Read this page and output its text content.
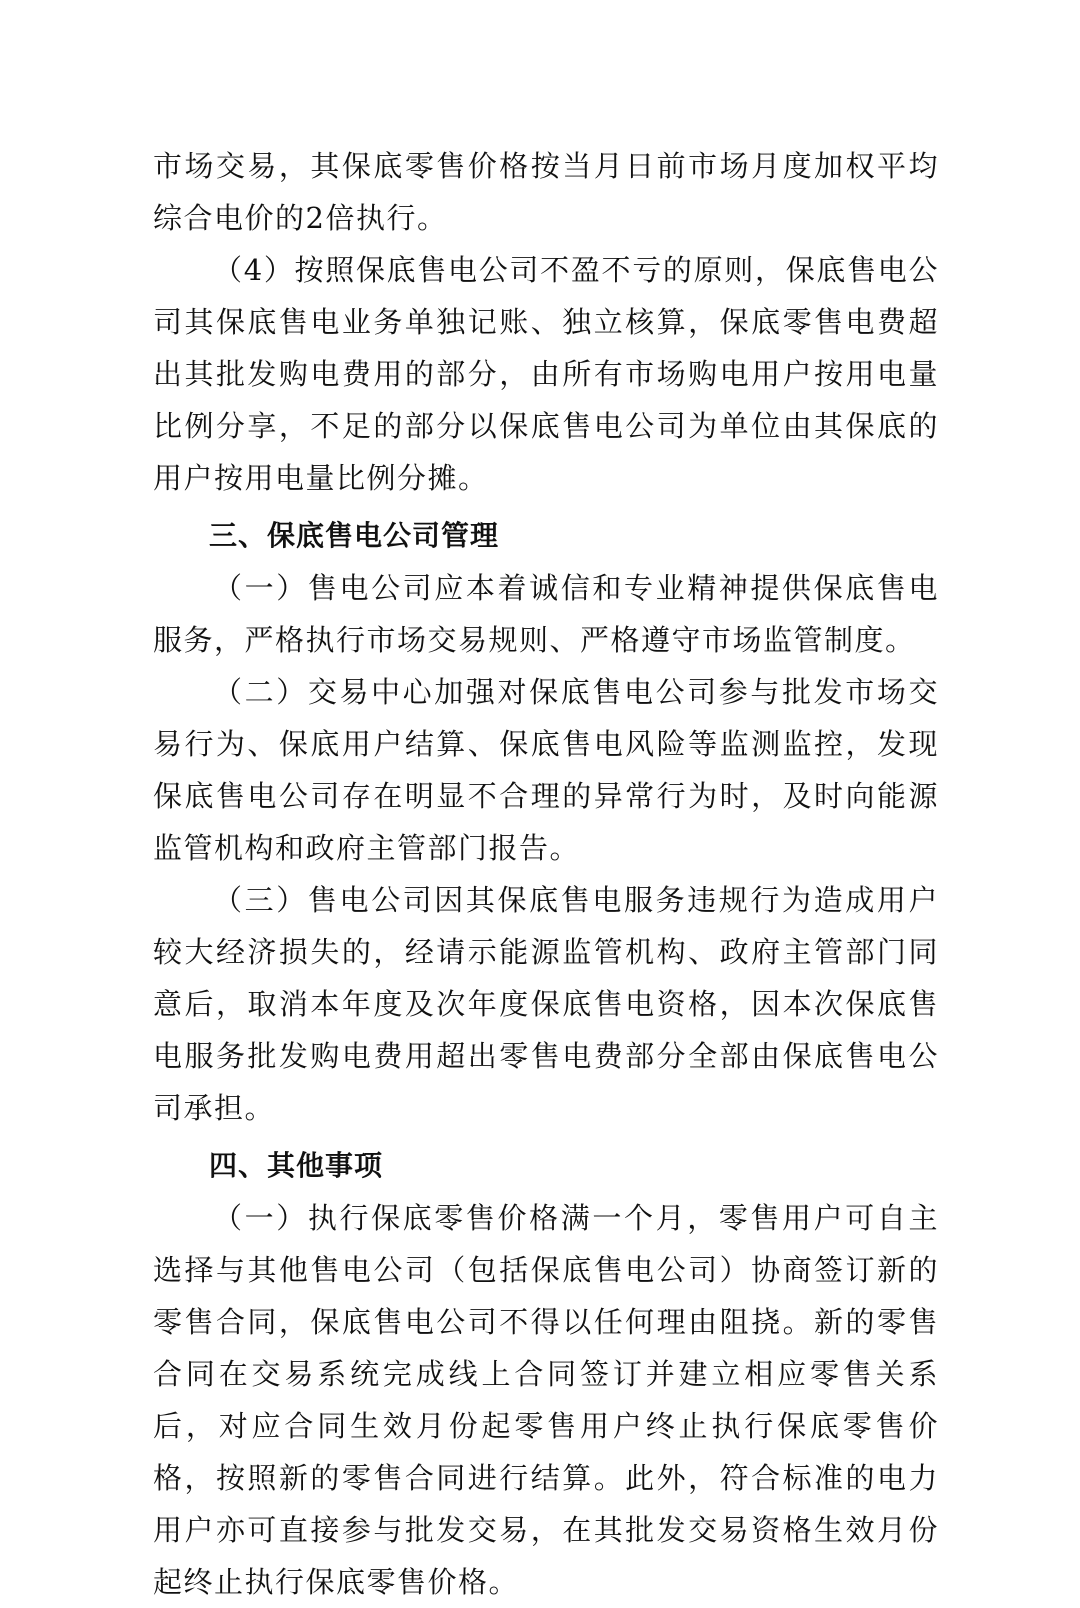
市场交易，其保底零售价格按当月日前市场月度加权平均综合电价的2倍执行。

（4）按照保底售电公司不盈不亏的原则，保底售电公司其保底售电业务单独记账、独立核算，保底零售电费超出其批发购电费用的部分，由所有市场购电用户按用电量比例分享，不足的部分以保底售电公司为单位由其保底的用户按用电量比例分摊。

三、保底售电公司管理

（一）售电公司应本着诚信和专业精神提供保底售电服务，严格执行市场交易规则、严格遵守市场监管制度。

（二）交易中心加强对保底售电公司参与批发市场交易行为、保底用户结算、保底售电风险等监测监控，发现保底售电公司存在明显不合理的异常行为时，及时向能源监管机构和政府主管部门报告。

（三）售电公司因其保底售电服务违规行为造成用户较大经济损失的，经请示能源监管机构、政府主管部门同意后，取消本年度及次年度保底售电资格，因本次保底售电服务批发购电费用超出零售电费部分全部由保底售电公司承担。

四、其他事项

（一）执行保底零售价格满一个月，零售用户可自主选择与其他售电公司（包括保底售电公司）协商签订新的零售合同，保底售电公司不得以任何理由阻挠。新的零售合同在交易系统完成线上合同签订并建立相应零售关系后，对应合同生效月份起零售用户终止执行保底零售价格，按照新的零售合同进行结算。此外，符合标准的电力用户亦可直接参与批发交易，在其批发交易资格生效月份起终止执行保底零售价格。
